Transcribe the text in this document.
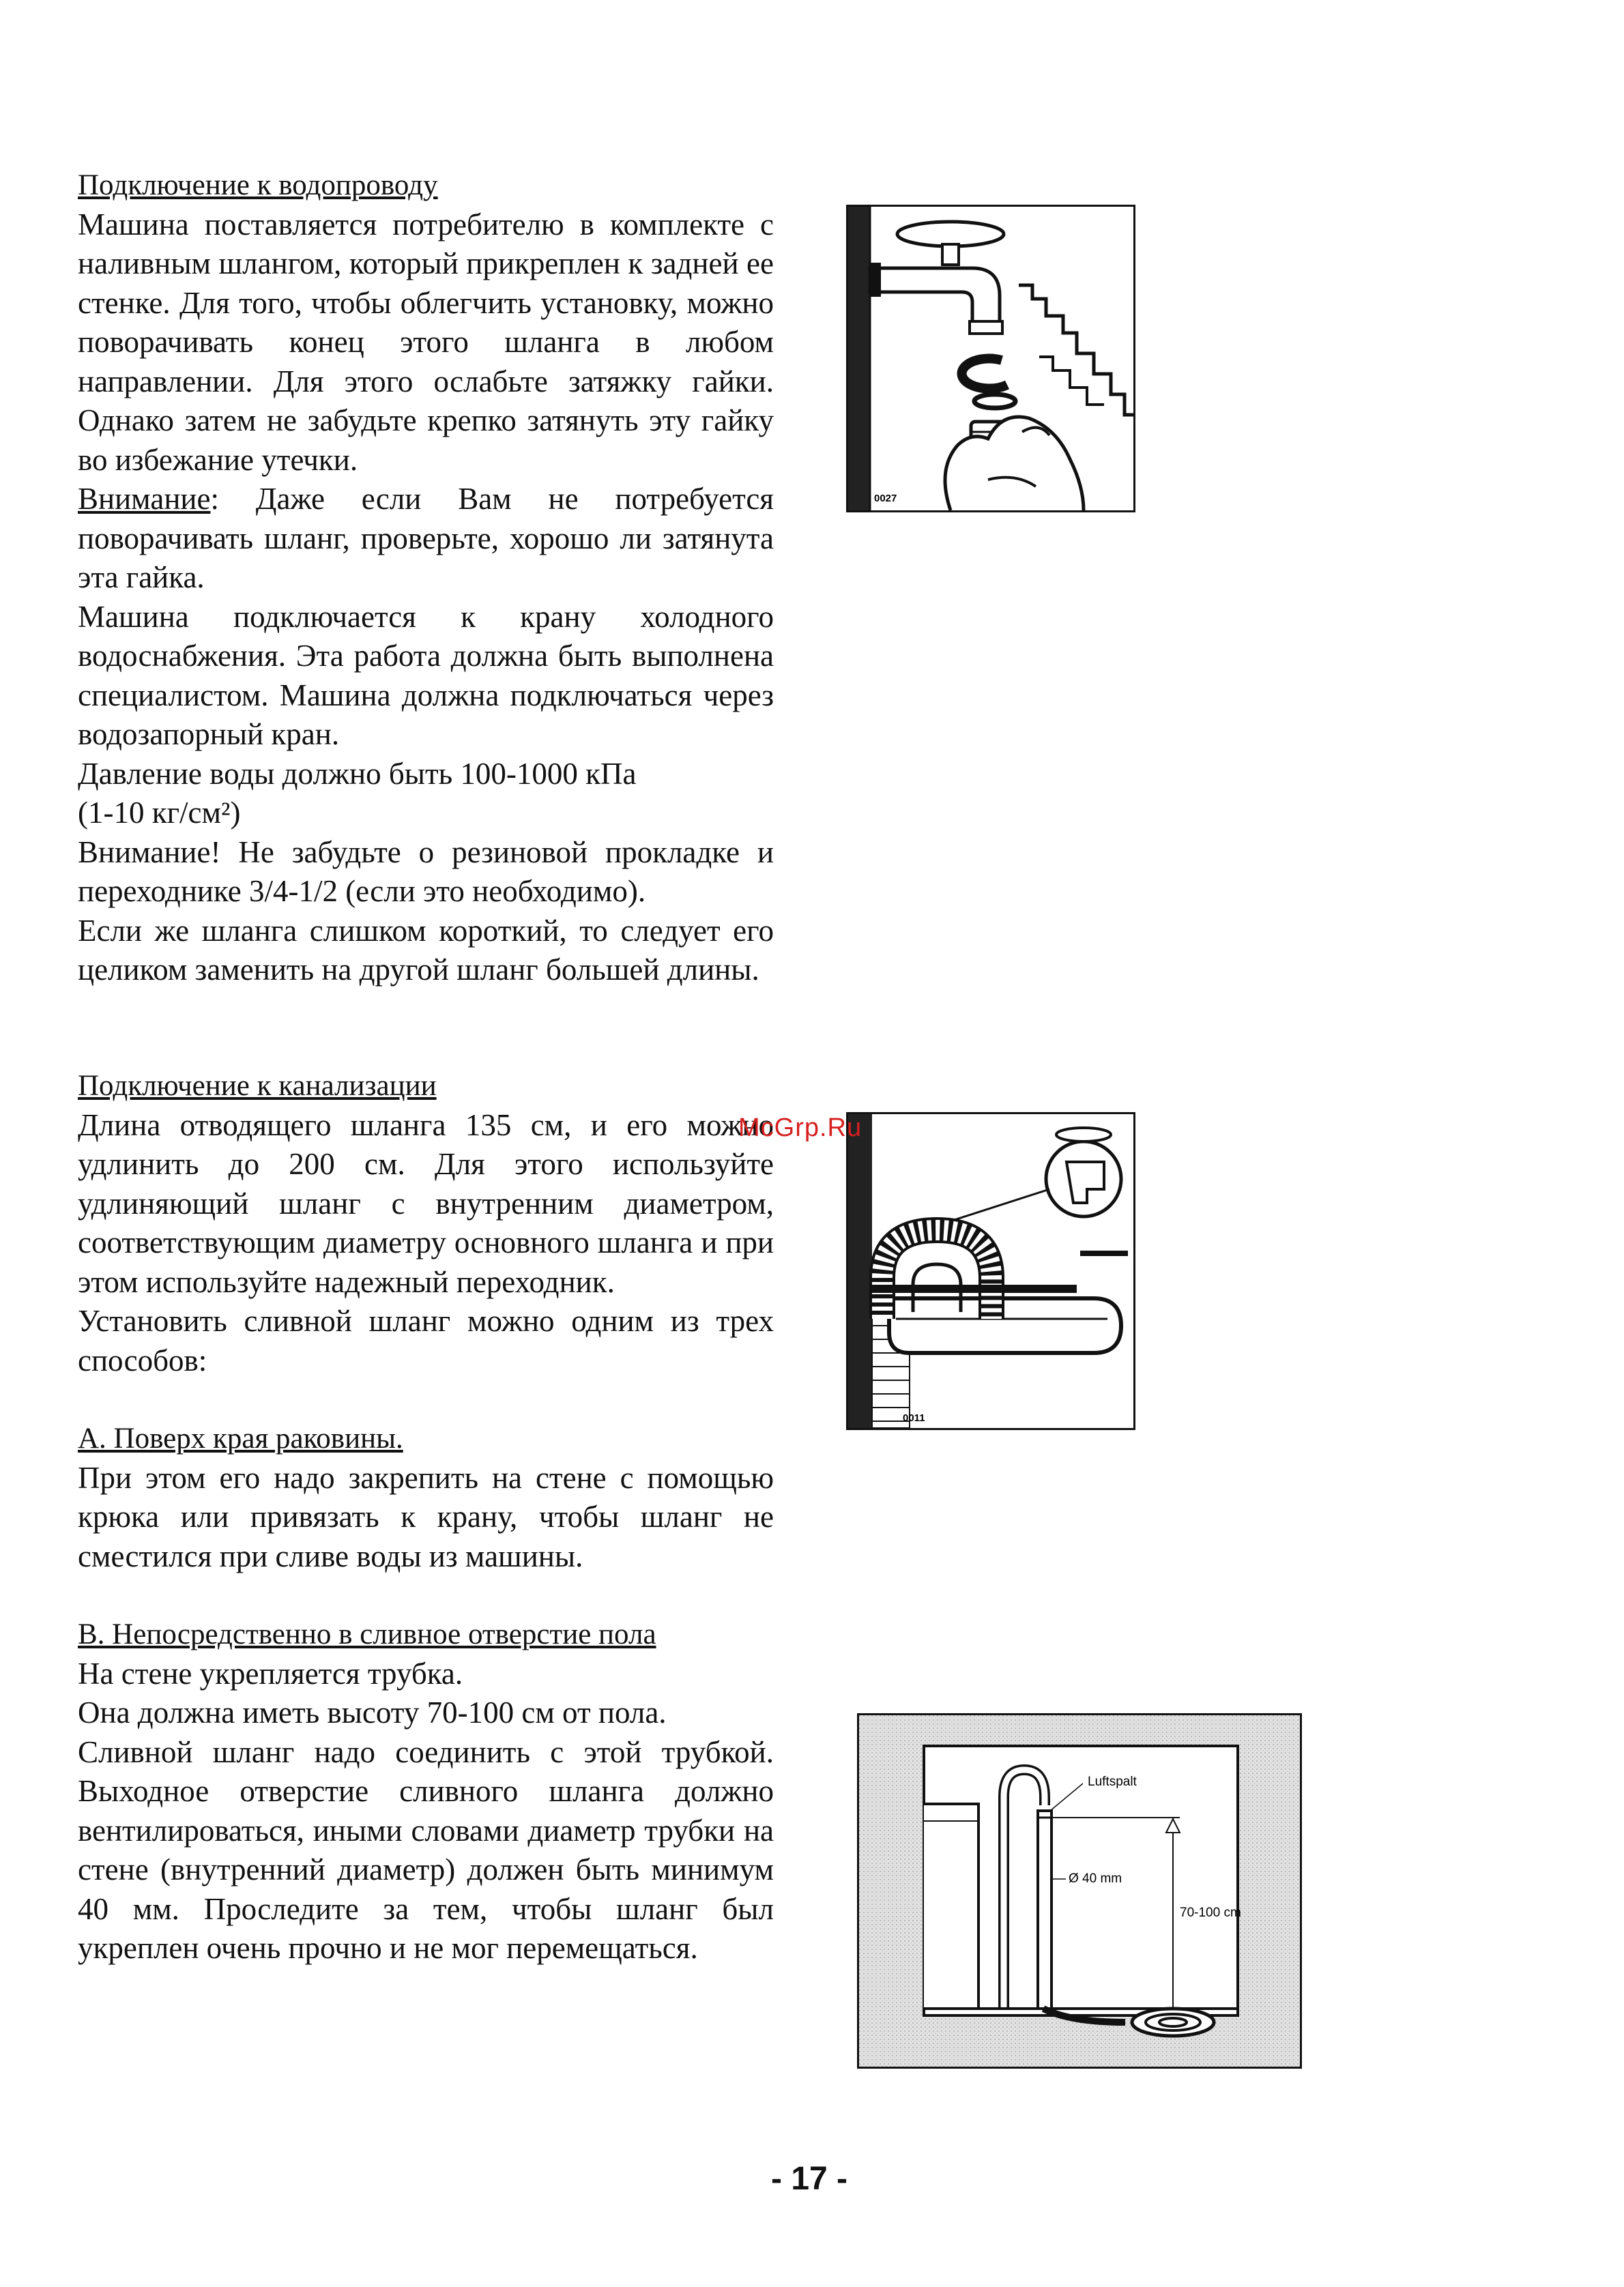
Подключение к водопроводу

Машина поставляется потребителю в комплекте с наливным шлангом, который прикреплен к задней ее стенке. Для того, чтобы облегчить установку, можно поворачивать конец этого шланга в любом направлении. Для этого ослабьте затяжку гайки. Однако затем не забудьте крепко затянуть эту гайку во избежание утечки.

Внимание: Даже если Вам не потребуется поворачивать шланг, проверьте, хорошо ли затянута эта гайка.

Машина подключается к крану холодного водоснабжения. Эта работа должна быть выполнена специалистом. Машина должна подключаться через водозапорный кран.

Давление воды должно быть 100-1000 кПа

(1-10 кг/см²)

Внимание! Не забудьте о резиновой прокладке и переходнике 3/4-1/2 (если это необходимо).

Если же шланга слишком короткий, то следует его целиком заменить на другой шланг большей длины.

Подключение к канализации

Длина отводящего шланга 135 см, и его можно удлинить до 200 см. Для этого используйте удлиняющий шланг с внутренним диаметром, соответствующим диаметру основного шланга и при этом используйте надежный переходник.

Установить сливной шланг можно одним из трех способов:

А. Поверх края раковины.

При этом его надо закрепить на стене с помощью крюка или привязать к крану, чтобы шланг не сместился при сливе воды из машины.

В. Непосредственно в сливное отверстие пола

На стене укрепляется трубка.

Она должна иметь высоту 70-100 см от пола.

Сливной шланг надо соединить с этой трубкой. Выходное отверстие сливного шланга должно вентилироваться, иными словами диаметр трубки на стене (внутренний диаметр) должен быть минимум 40 мм. Проследите за тем, чтобы шланг был укреплен очень прочно и не мог перемещаться.

0027
0011
Luftspalt
Ø 40 mm
70-100 cm
McGrp.Ru
- 17 -
